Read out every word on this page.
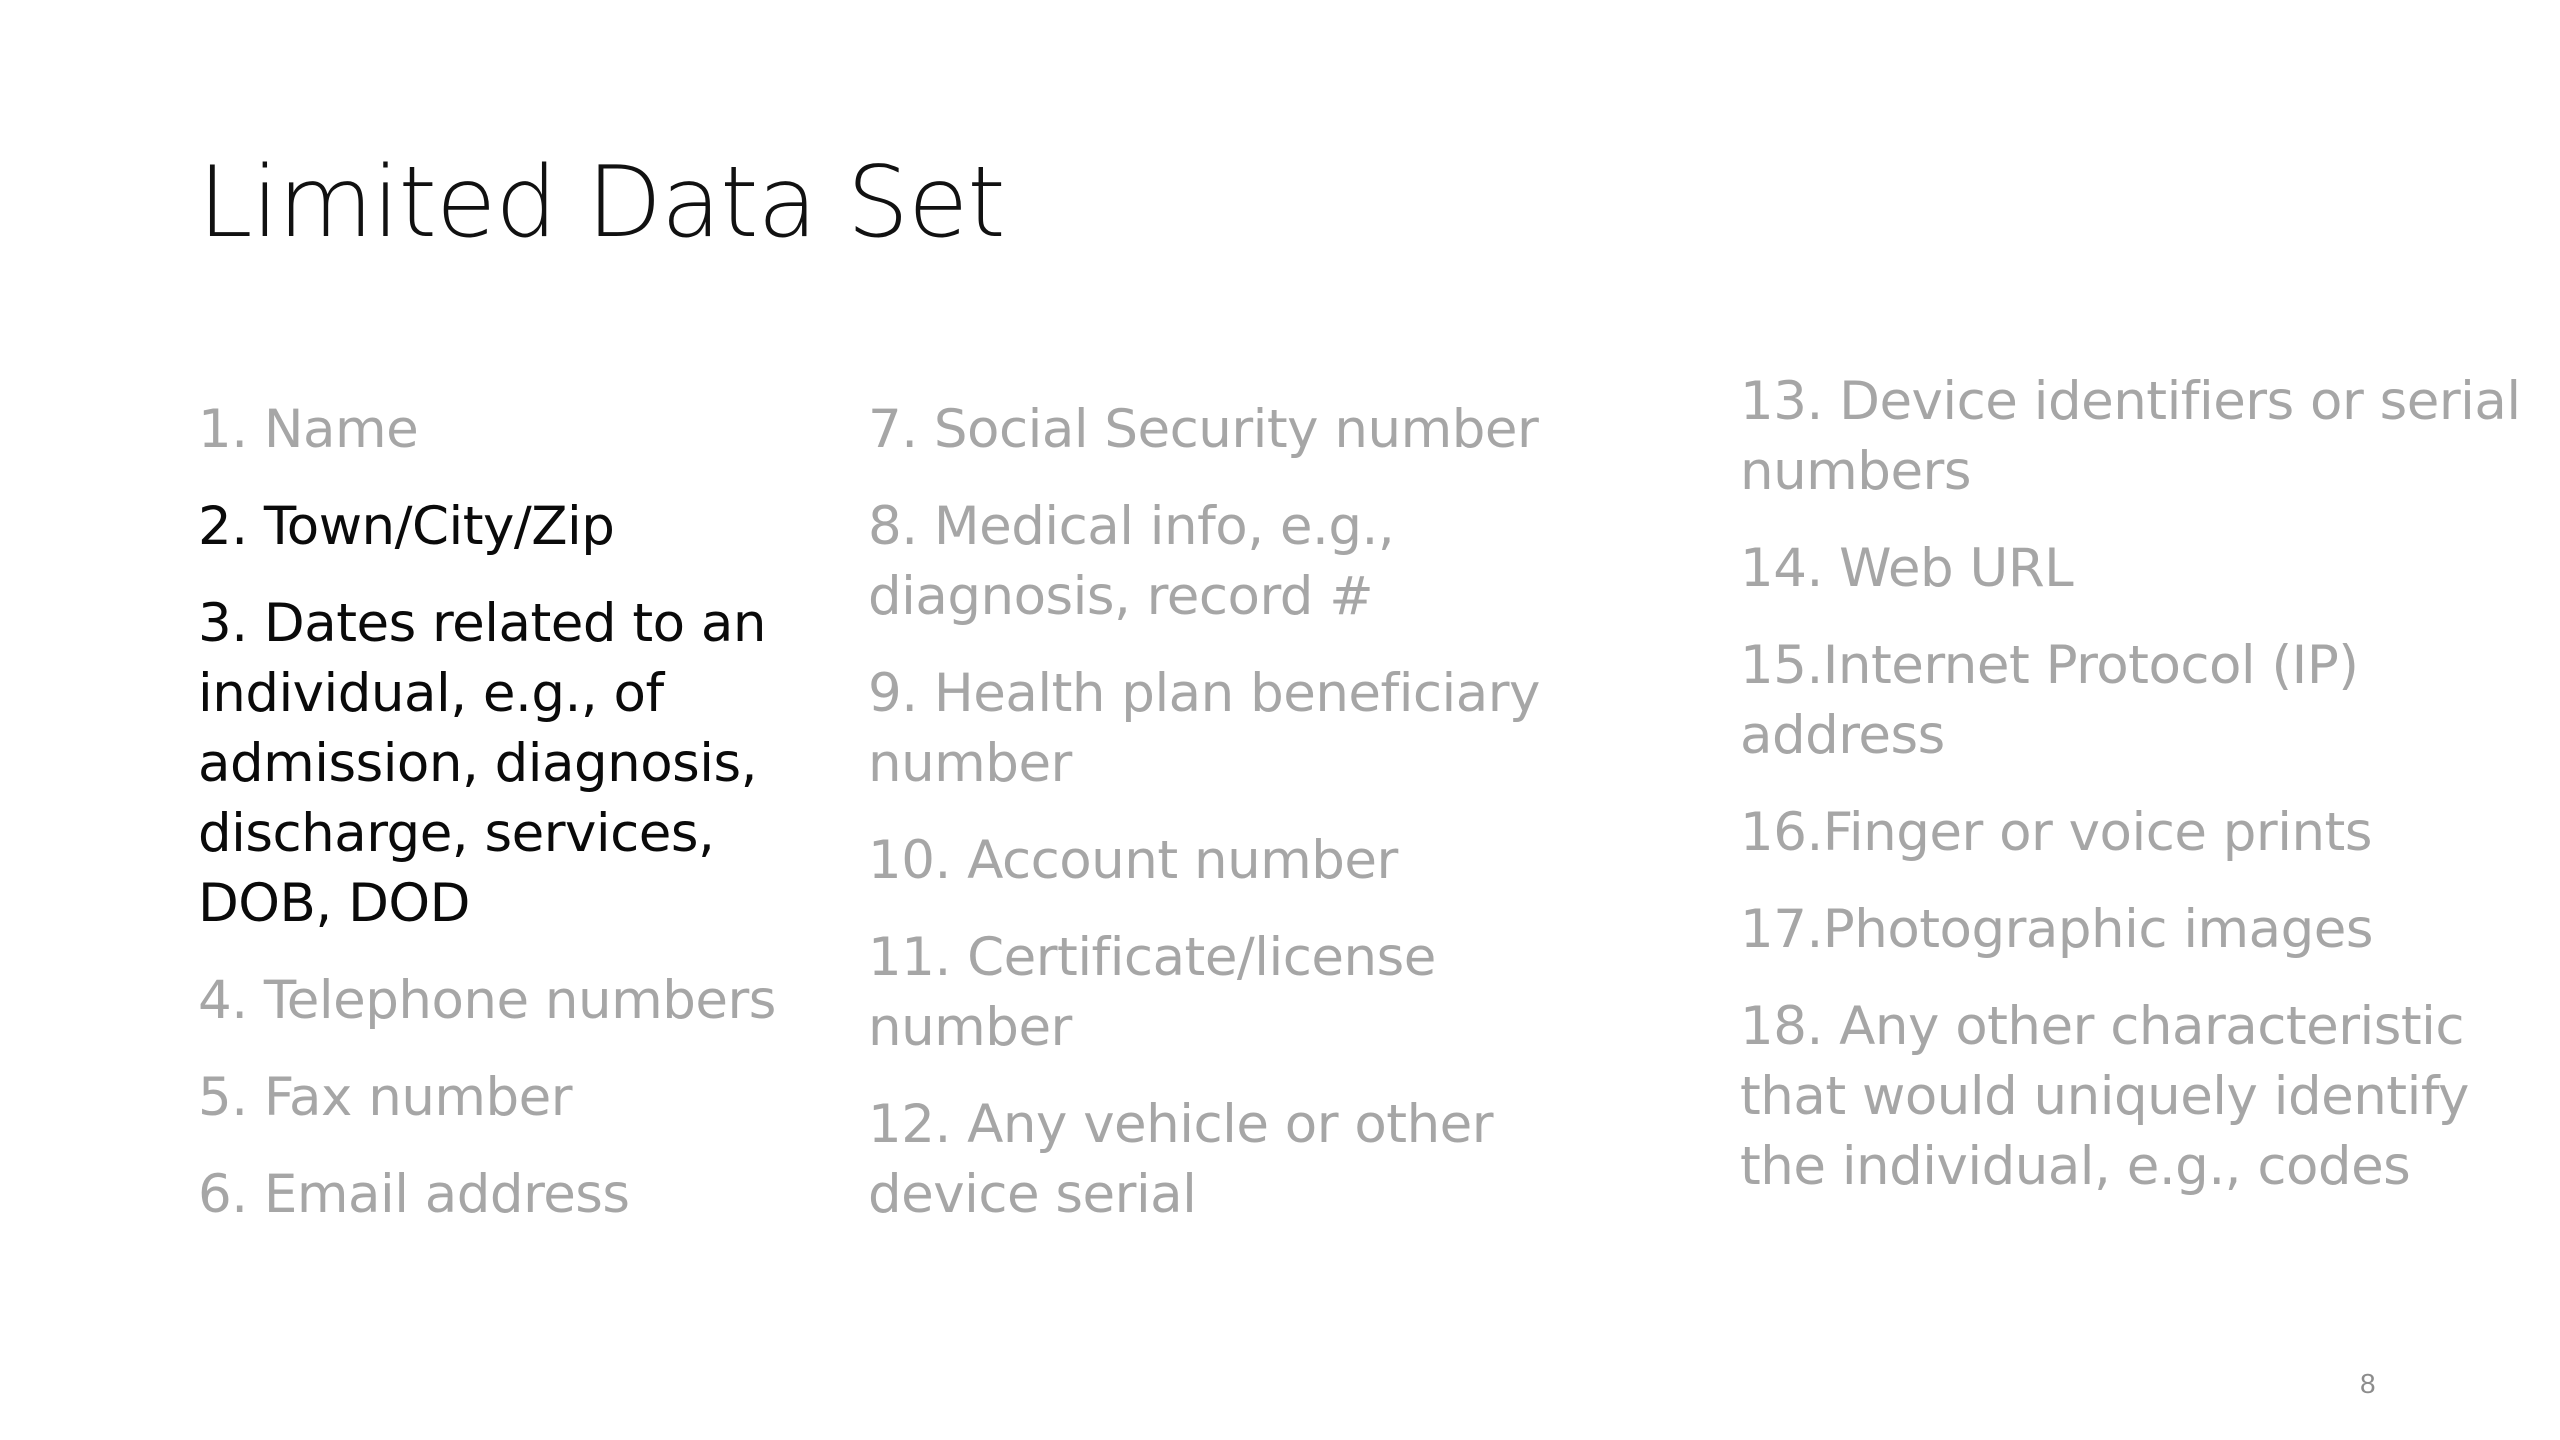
Limited Data Set
1. Name
2. Town/City/Zip
3. Dates related to an individual, e.g., of admission, diagnosis, discharge, services, DOB, DOD
4. Telephone numbers
5. Fax number
6. Email address
7. Social Security number
8. Medical info, e.g., diagnosis, record #
9. Health plan beneficiary number
10. Account number
11. Certificate/license number
12. Any vehicle or other device serial
13. Device identifiers or serial numbers
14. Web URL
15.Internet Protocol (IP) address
16.Finger or voice prints
17.Photographic images
18. Any other characteristic that would uniquely identify the individual, e.g., codes
8
